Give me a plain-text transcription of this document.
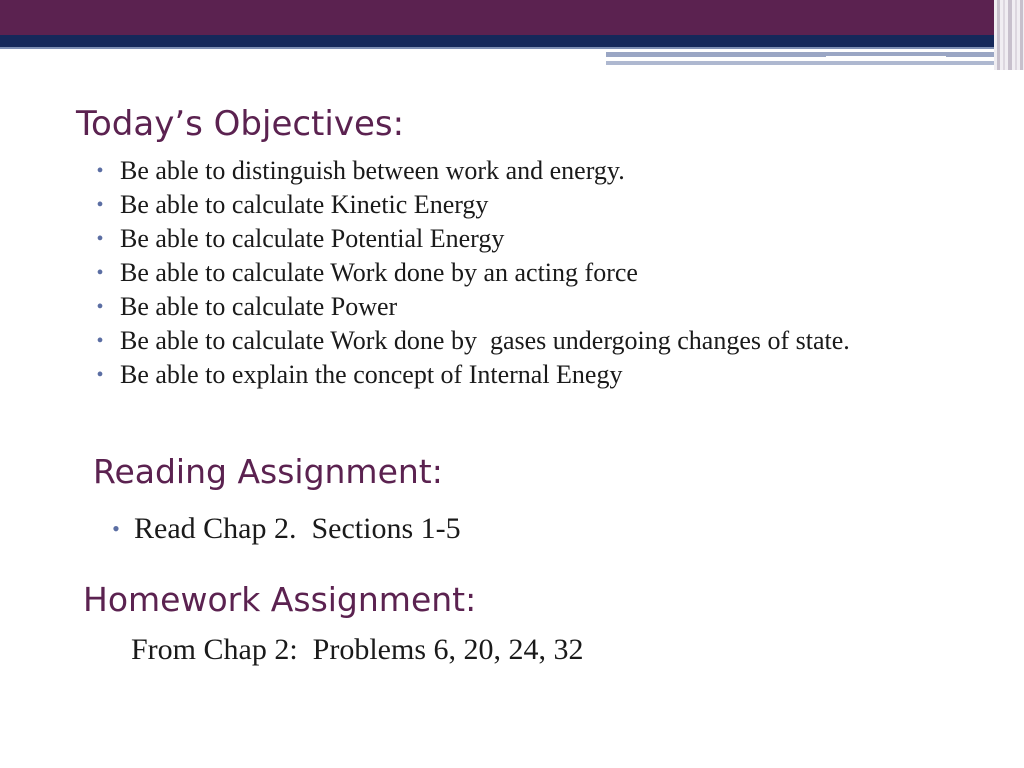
Today’s Objectives:
• Be able to distinguish between work and energy.
• Be able to calculate Kinetic Energy
• Be able to calculate Potential Energy
• Be able to calculate Work done by an acting force
• Be able to calculate Power
• Be able to calculate Work done by  gases undergoing changes of state.
• Be able to explain the concept of Internal Enegy
Reading Assignment:
• Read Chap 2.  Sections 1-5
Homework Assignment:

From Chap 2:  Problems 6, 20, 24, 32
